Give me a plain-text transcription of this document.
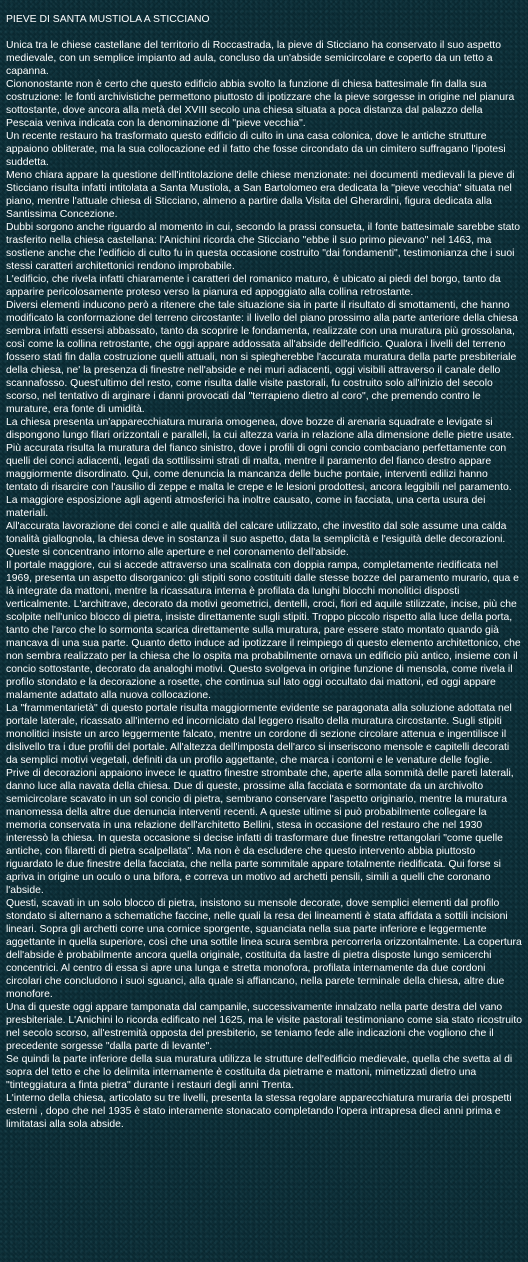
PIEVE DI SANTA MUSTIOLA A STICCIANO

Unica tra le chiese castellane del territorio di Roccastrada, la pieve di Sticciano ha conservato il suo aspetto medievale, con un semplice impianto ad aula, concluso da un'abside semicircolare e coperto da un tetto a capanna.

Ciononostante non è certo che questo edificio abbia svolto la funzione di chiesa battesimale fin dalla sua costruzione: le fonti archivistiche permettono piuttosto di ipotizzare che la pieve sorgesse in origine nel pianura sottostante, dove ancora alla metà del XVIII secolo una chiesa situata a poca distanza dal palazzo della Pescaia veniva indicata con la denominazione di "pieve vecchia".

Un recente restauro ha trasformato questo edificio di culto in una casa colonica, dove le antiche strutture appaiono obliterate, ma la sua collocazione ed il fatto che fosse circondato da un cimitero suffragano l'ipotesi suddetta.

Meno chiara appare la questione dell'intitolazione delle chiese menzionate: nei documenti medievali la pieve di Sticciano risulta infatti intitolata a Santa Mustiola, a San Bartolomeo era dedicata la "pieve vecchia" situata nel piano, mentre l'attuale chiesa di Sticciano, almeno a partire dalla Visita del Gherardini, figura dedicata alla Santissima Concezione.

Dubbi sorgono anche riguardo al momento in cui, secondo la prassi consueta, il fonte battesimale sarebbe stato trasferito nella chiesa castellana: l'Anichini ricorda che Sticciano "ebbe il suo primo pievano" nel 1463, ma sostiene anche che l'edificio di culto fu in questa occasione costruito "dai fondamenti", testimonianza che i suoi stessi caratteri architettonici rendono improbabile.

L'edificio, che rivela infatti chiaramente i caratteri del romanico maturo, è ubicato ai piedi del borgo, tanto da apparire pericolosamente proteso verso la pianura ed appoggiato alla collina retrostante.

Diversi elementi inducono però a ritenere che tale situazione sia in parte il risultato di smottamenti, che hanno modificato la conformazione del terreno circostante: il livello del piano prossimo alla parte anteriore della chiesa sembra infatti essersi abbassato, tanto da scoprire le fondamenta, realizzate con una muratura più grossolana, così come la collina retrostante, che oggi appare addossata all'abside dell'edificio. Qualora i livelli del terreno fossero stati fin dalla costruzione quelli attuali, non si spiegherebbe l'accurata muratura della parte presbiteriale della chiesa, ne' la presenza di finestre nell'abside e nei muri adiacenti, oggi visibili attraverso il canale dello scannafosso. Quest'ultimo del resto, come risulta dalle visite pastorali, fu costruito solo all'inizio del secolo scorso, nel tentativo di arginare i danni provocati dal "terrapieno dietro al coro", che premendo contro le murature, era fonte di umidità.

La chiesa presenta un'apparecchiatura muraria omogenea, dove bozze di arenaria squadrate e levigate si dispongono lungo filari orizzontali e paralleli, la cui altezza varia in relazione alla dimensione delle pietre usate. Più accurata risulta la muratura del fianco sinistro, dove i profili di ogni concio combaciano perfettamente con quelli dei conci adiacenti, legati da sottilissimi strati di malta, mentre il paramento del fianco destro appare maggiormente disordinato. Qui, come denuncia la mancanza delle buche pontaie, interventi edilizi hanno tentato di risarcire con l'ausilio di zeppe e malta le crepe e le lesioni prodottesi, ancora leggibili nel paramento. La maggiore esposizione agli agenti atmosferici ha inoltre causato, come in facciata, una certa usura dei materiali.

All'accurata lavorazione dei conci e alle qualità del calcare utilizzato, che investito dal sole assume una calda tonalità giallognola, la chiesa deve in sostanza il suo aspetto, data la semplicità e l'esiguità delle decorazioni.

Queste si concentrano intorno alle aperture e nel coronamento dell'abside.

Il portale maggiore, cui si accede attraverso una scalinata con doppia rampa, completamente riedificata nel 1969, presenta un aspetto disorganico: gli stipiti sono costituiti dalle stesse bozze del paramento murario, qua e là integrate da mattoni, mentre la ricassatura interna è profilata da lunghi blocchi monolitici disposti verticalmente. L'architrave, decorato da motivi geometrici, dentelli, croci, fiori ed aquile stilizzate, incise, più che scolpite nell'unico blocco di pietra, insiste direttamente sugli stipiti. Troppo piccolo rispetto alla luce della porta, tanto che l'arco che lo sormonta scarica direttamente sulla muratura, pare essere stato montato quando già mancava di una sua parte. Quanto detto induce ad ipotizzare il reimpiego di questo elemento architettonico, che non sembra realizzato per la chiesa che lo ospita ma probabilmente ornava un edificio più antico, insieme con il concio sottostante, decorato da analoghi motivi. Questo svolgeva in origine funzione di mensola, come rivela il profilo stondato e la decorazione a rosette, che continua sul lato oggi occultato dai mattoni, ed oggi appare malamente adattato alla nuova collocazione.

La "frammentarietà" di questo portale risulta maggiormente evidente se paragonata alla soluzione adottata nel portale laterale, ricassato all'interno ed incorniciato dal leggero risalto della muratura circostante. Sugli stipiti monolitici insiste un arco leggermente falcato, mentre un cordone di sezione circolare attenua e ingentilisce il dislivello tra i due profili del portale. All'altezza dell'imposta dell'arco si inseriscono mensole e capitelli decorati da semplici motivi vegetali, definiti da un profilo aggettante, che marca i contorni e le venature delle foglie.

Prive di decorazioni appaiono invece le quattro finestre strombate che, aperte alla sommità delle pareti laterali, danno luce alla navata della chiesa. Due di queste, prossime alla facciata e sormontate da un archivolto semicircolare scavato in un sol concio di pietra, sembrano conservare l'aspetto originario, mentre la muratura manomessa della altre due denuncia interventi recenti. A queste ultime si può probabilmente collegare la memoria conservata in una relazione dell'architetto Bellini, stesa in occasione del restauro che nel 1930 interessò la chiesa. In questa occasione si decise infatti di trasformare due finestre rettangolari "come quelle antiche, con filaretti di pietra scalpellata". Ma non è da escludere che questo intervento abbia piuttosto riguardato le due finestre della facciata, che nella parte sommitale appare totalmente riedificata. Qui forse si apriva in origine un oculo o una bifora, e correva un motivo ad archetti pensili, simili a quelli che coronano l'abside.

Questi, scavati in un solo blocco di pietra, insistono su mensole decorate, dove semplici elementi dal profilo stondato si alternano a schematiche faccine, nelle quali la resa dei lineamenti è stata affidata a sottili incisioni lineari. Sopra gli archetti corre una cornice sporgente, sguanciata nella sua parte inferiore e leggermente aggettante in quella superiore, così che una sottile linea scura sembra percorrerla orizzontalmente. La copertura dell'abside è probabilmente ancora quella originale, costituita da lastre di pietra disposte lungo semicerchi concentrici. Al centro di essa si apre una lunga e stretta monofora, profilata internamente da due cordoni circolari che concludono i suoi sguanci, alla quale si affiancano, nella parete terminale della chiesa, altre due monofore.

Una di queste oggi appare tamponata dal campanile, successivamente innalzato nella parte destra del vano presbiteriale. L'Anichini lo ricorda edificato nel 1625, ma le visite pastorali testimoniano come sia stato ricostruito nel secolo scorso, all'estremità opposta del presbiterio, se teniamo fede alle indicazioni che vogliono che il precedente sorgesse "dalla parte di levante".

Se quindi la parte inferiore della sua muratura utilizza le strutture dell'edificio medievale, quella che svetta al di sopra del tetto e che lo delimita internamente è costituita da pietrame e mattoni, mimetizzati dietro una "tinteggiatura a finta pietra" durante i restauri degli anni Trenta.

L'interno della chiesa, articolato su tre livelli, presenta la stessa regolare apparecchiatura muraria dei prospetti esterni , dopo che nel 1935 è stato interamente stonacato completando l'opera intrapresa dieci anni prima e limitatasi alla sola abside.
